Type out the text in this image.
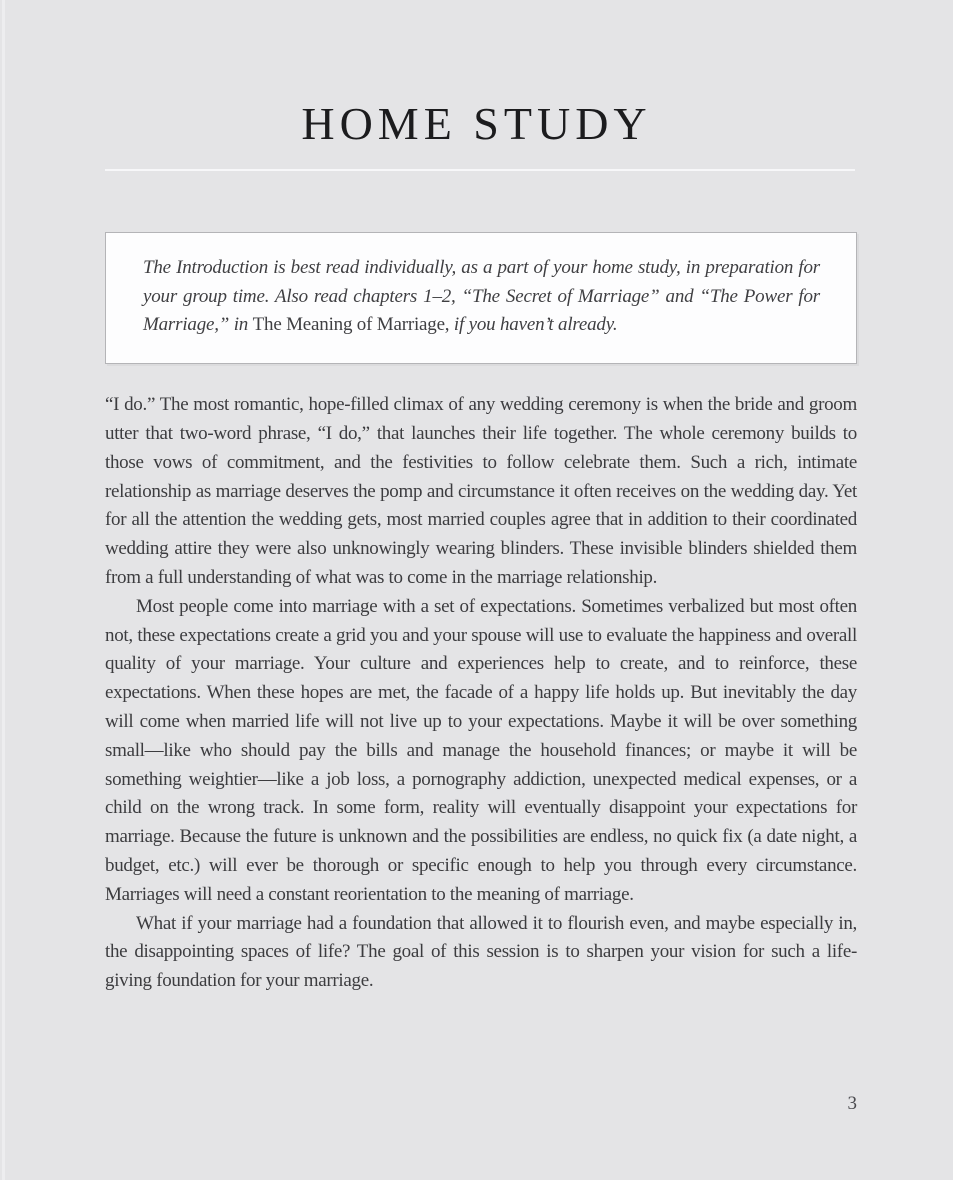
HOME STUDY

The Introduction is best read individually, as a part of your home study, in preparation for your group time. Also read chapters 1–2, “The Secret of Marriage” and “The Power for Marriage,” in The Meaning of Marriage, if you haven’t already.

“I do.” The most romantic, hope-filled climax of any wedding ceremony is when the bride and groom utter that two-word phrase, “I do,” that launches their life together. The whole ceremony builds to those vows of commitment, and the festivities to follow celebrate them. Such a rich, intimate relationship as marriage deserves the pomp and circumstance it often receives on the wedding day. Yet for all the attention the wedding gets, most married couples agree that in addition to their coordinated wedding attire they were also unknowingly wearing blinders. These invisible blinders shielded them from a full understanding of what was to come in the marriage relationship.

Most people come into marriage with a set of expectations. Sometimes verbalized but most often not, these expectations create a grid you and your spouse will use to evaluate the happiness and overall quality of your marriage. Your culture and experiences help to create, and to reinforce, these expectations. When these hopes are met, the facade of a happy life holds up. But inevitably the day will come when married life will not live up to your expectations. Maybe it will be over something small—like who should pay the bills and manage the household finances; or maybe it will be something weightier—like a job loss, a pornography addiction, unexpected medical expenses, or a child on the wrong track. In some form, reality will eventually disappoint your expectations for marriage. Because the future is unknown and the possibilities are endless, no quick fix (a date night, a budget, etc.) will ever be thorough or specific enough to help you through every circumstance. Marriages will need a constant reorientation to the meaning of marriage.

What if your marriage had a foundation that allowed it to flourish even, and maybe especially in, the disappointing spaces of life? The goal of this session is to sharpen your vision for such a life-giving foundation for your marriage.

3
